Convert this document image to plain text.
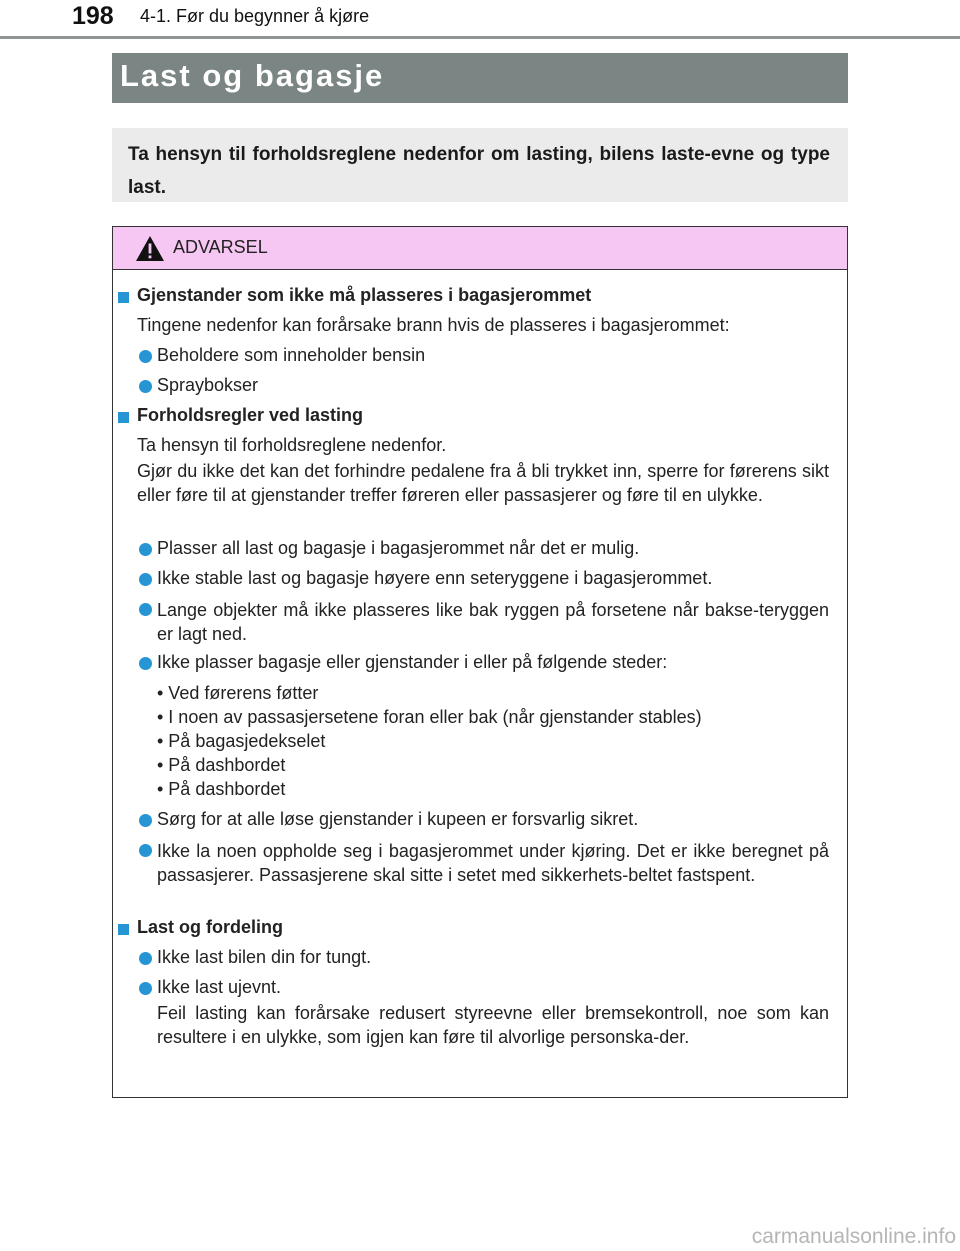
198 4-1. Før du begynner å kjøre
Last og bagasje
Ta hensyn til forholdsreglene nedenfor om lasting, bilens laste-evne og type last.
ADVARSEL
Gjenstander som ikke må plasseres i bagasjerommet
Tingene nedenfor kan forårsake brann hvis de plasseres i bagasjerommet:
Beholdere som inneholder bensin
Spraybokser
Forholdsregler ved lasting
Ta hensyn til forholdsreglene nedenfor.
Gjør du ikke det kan det forhindre pedalene fra å bli trykket inn, sperre for førerens sikt eller føre til at gjenstander treffer føreren eller passasjerer og føre til en ulykke.
Plasser all last og bagasje i bagasjerommet når det er mulig.
Ikke stable last og bagasje høyere enn seteryggene i bagasjerommet.
Lange objekter må ikke plasseres like bak ryggen på forsetene når bakse-teryggen er lagt ned.
Ikke plasser bagasje eller gjenstander i eller på følgende steder:
• Ved førerens føtter
• I noen av passasjersetene foran eller bak (når gjenstander stables)
• På bagasjedekselet
• På dashbordet
• På dashbordet
Sørg for at alle løse gjenstander i kupeen er forsvarlig sikret.
Ikke la noen oppholde seg i bagasjerommet under kjøring. Det er ikke beregnet på passasjerer. Passasjerene skal sitte i setet med sikkerhets-beltet fastspent.
Last og fordeling
Ikke last bilen din for tungt.
Ikke last ujevnt.
Feil lasting kan forårsake redusert styreevne eller bremsekontroll, noe som kan resultere i en ulykke, som igjen kan føre til alvorlige personska-der.
carmanualsonline.info
